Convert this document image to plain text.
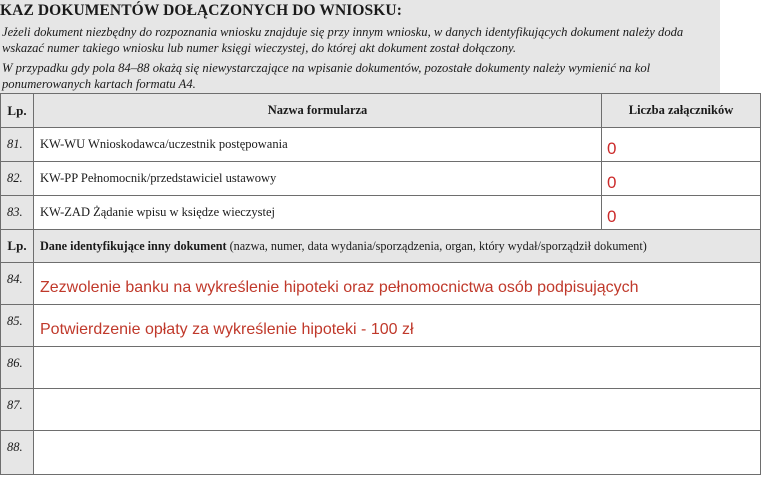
KAZ DOKUMENTÓW DOŁĄCZONYCH DO WNIOSKU:
Jeżeli dokument niezbędny do rozpoznania wniosku znajduje się przy innym wniosku, w danych identyfikujących dokument należy doda
wskazać numer takiego wniosku lub numer księgi wieczystej, do której akt dokument został dołączony.
W przypadku gdy pola 84–88 okażą się niewystarczające na wpisanie dokumentów, pozostałe dokumenty należy wymienić na kol
ponumerowanych kartach formatu A4.
Lp.	Nazwa formularza	Liczba załączników
81.	KW-WU Wnioskodawca/uczestnik postępowania	0
82.	KW-PP Pełnomocnik/przedstawiciel ustawowy	0
83.	KW-ZAD Żądanie wpisu w księdze wieczystej	0
Lp.	Dane identyfikujące inny dokument (nazwa, numer, data wydania/sporządzenia, organ, który wydał/sporządził dokument)	
84.	Zezwolenie banku na wykreślenie hipoteki oraz pełnomocnictwa osób podpisujących	
85.	Potwierdzenie opłaty za wykreślenie hipoteki - 100 zł	
86.		
87.		
88.		
